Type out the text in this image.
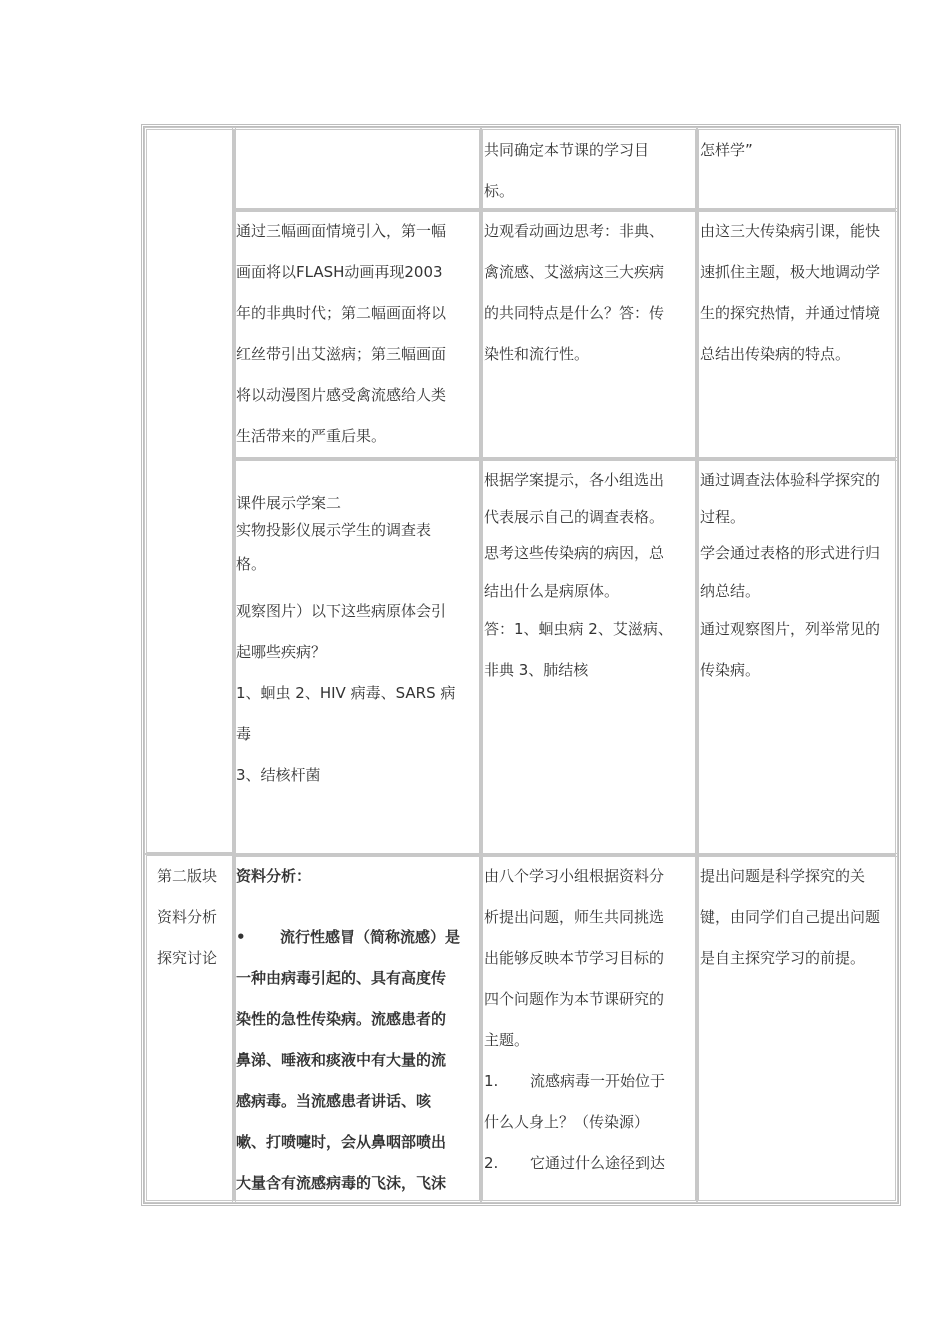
共同确定本节课的学习目

标。

怎样学”

通过三幅画面情境引入，第一幅

画面将以FLASH动画再现2003

年的非典时代；第二幅画面将以

红丝带引出艾滋病；第三幅画面

将以动漫图片感受禽流感给人类

生活带来的严重后果。

边观看动画边思考：非典、

禽流感、艾滋病这三大疾病

的共同特点是什么？答：传

染性和流行性。

由这三大传染病引课，能快

速抓住主题，极大地调动学

生的探究热情，并通过情境

总结出传染病的特点。

课件展示学案二

实物投影仪展示学生的调查表

格。

观察图片）以下这些病原体会引

起哪些疾病？

1、蛔虫 2、HIV 病毒、SARS 病

毒

3、结核杆菌

根据学案提示，各小组选出

代表展示自己的调查表格。

思考这些传染病的病因，总

结出什么是病原体。

答：1、蛔虫病 2、艾滋病、

非典 3、肺结核

通过调查法体验科学探究的

过程。

学会通过表格的形式进行归

纳总结。

通过观察图片，列举常见的

传染病。

第二版块

资料分析

探究讨论

资料分析：

• 流行性感冒（简称流感）是

一种由病毒引起的、具有高度传

染性的急性传染病。流感患者的

鼻涕、唾液和痰液中有大量的流

感病毒。当流感患者讲话、咳

嗽、打喷嚏时，会从鼻咽部喷出

大量含有流感病毒的飞沫，飞沫

由八个学习小组根据资料分

析提出问题，师生共同挑选

出能够反映本节学习目标的

四个问题作为本节课研究的

主题。

1. 流感病毒一开始位于

什么人身上？（传染源）

2. 它通过什么途径到达

提出问题是科学探究的关

键，由同学们自己提出问题

是自主探究学习的前提。
